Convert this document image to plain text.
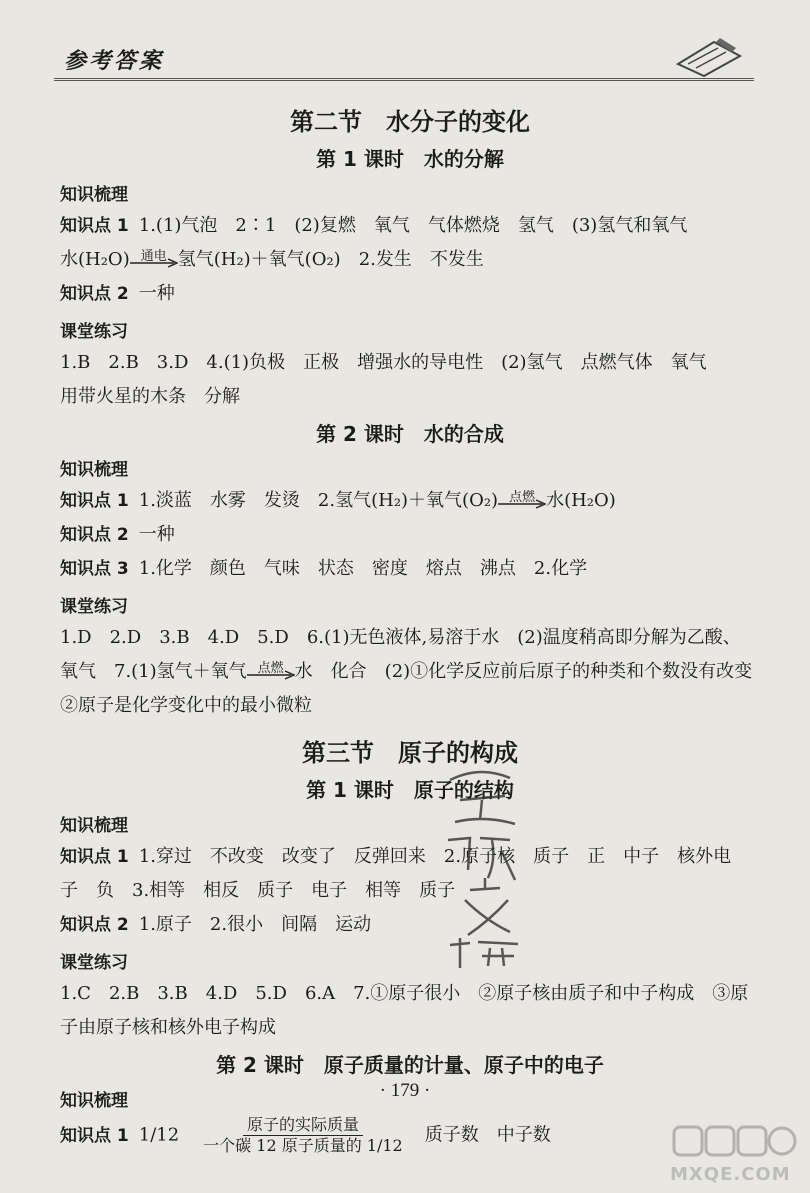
参考答案
第二节　水分子的变化
第 1 课时　水的分解
知识梳理
知识点 1 1.(1)气泡　2∶1　(2)复燃　氧气　气体燃烧　氢气　(3)氢气和氧气
水(H₂O) 通电 氢气(H₂)＋氧气(O₂)　2.发生　不发生
知识点 2 一种
课堂练习
1.B　2.B　3.D　4.(1)负极　正极　增强水的导电性　(2)氢气　点燃气体　氧气
用带火星的木条　分解
第 2 课时　水的合成
知识梳理
知识点 1 1.淡蓝　水雾　发烫　2.氢气(H₂)＋氧气(O₂) 点燃 水(H₂O)
知识点 2 一种
知识点 3 1.化学　颜色　气味　状态　密度　熔点　沸点　2.化学
课堂练习
1.D　2.D　3.B　4.D　5.D　6.(1)无色液体,易溶于水　(2)温度稍高即分解为乙酸、
氧气　7.(1)氢气＋氧气 点燃 水　化合　(2)①化学反应前后原子的种类和个数没有改变
②原子是化学变化中的最小微粒
第三节　原子的构成
第 1 课时　原子的结构
知识梳理
知识点 1 1.穿过　不改变　改变了　反弹回来　2.原子核　质子　正　中子　核外电
子　负　3.相等　相反　质子　电子　相等　质子
知识点 2 1.原子　2.很小　间隔　运动
课堂练习
1.C　2.B　3.B　4.D　5.D　6.A　7.①原子很小　②原子核由质子和中子构成　③原
子由原子核和核外电子构成
第 2 课时　原子质量的计量、原子中的电子
知识梳理
知识点 1 $1/12 \frac{\text{原子的实际质量}}{\text{一个碳 12 原子质量的 1/12}}$ 质子数　中子数
· 179 ·
MXQE.COM
